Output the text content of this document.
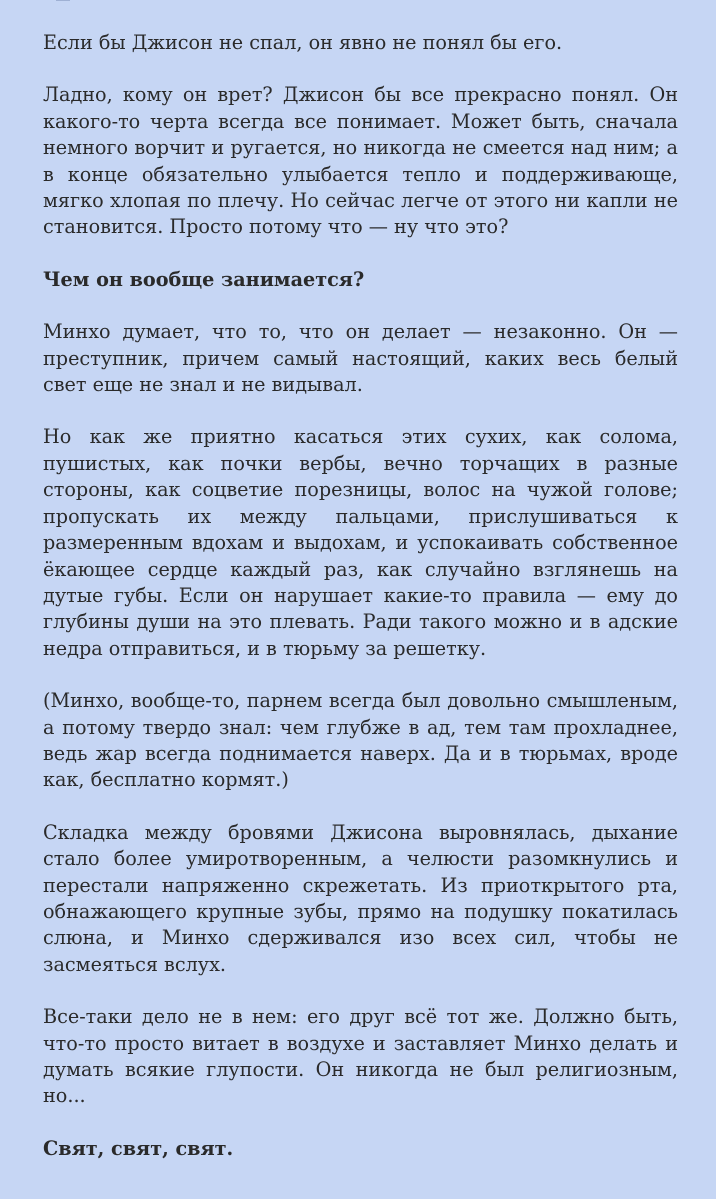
Если бы Джисон не спал, он явно не понял бы его.

Ладно, кому он врет? Джисон бы все прекрасно понял. Он какого-то черта всегда все понимает. Может быть, сначала немного ворчит и ругается, но никогда не смеется над ним; а в конце обязательно улыбается тепло и поддерживающе, мягко хлопая по плечу. Но сейчас легче от этого ни капли не становится. Просто потому что — ну что это?

Чем он вообще занимается?

Минхо думает, что то, что он делает — незаконно. Он — преступник, причем самый настоящий, каких весь белый свет еще не знал и не видывал.

Но как же приятно касаться этих сухих, как солома, пушистых, как почки вербы, вечно торчащих в разные стороны, как соцветие порезницы, волос на чужой голове; пропускать их между пальцами, прислушиваться к размеренным вдохам и выдохам, и успокаивать собственное ёкающее сердце каждый раз, как случайно взглянешь на дутые губы. Если он нарушает какие-то правила — ему до глубины души на это плевать. Ради такого можно и в адские недра отправиться, и в тюрьму за решетку.

(Минхо, вообще-то, парнем всегда был довольно смышленым, а потому твердо знал: чем глубже в ад, тем там прохладнее, ведь жар всегда поднимается наверх. Да и в тюрьмах, вроде как, бесплатно кормят.)

Складка между бровями Джисона выровнялась, дыхание стало более умиротворенным, а челюсти разомкнулись и перестали напряженно скрежетать. Из приоткрытого рта, обнажающего крупные зубы, прямо на подушку покатилась слюна, и Минхо сдерживался изо всех сил, чтобы не засмеяться вслух.

Все-таки дело не в нем: его друг всё тот же. Должно быть, что-то просто витает в воздухе и заставляет Минхо делать и думать всякие глупости. Он никогда не был религиозным, но...

Свят, свят, свят.
